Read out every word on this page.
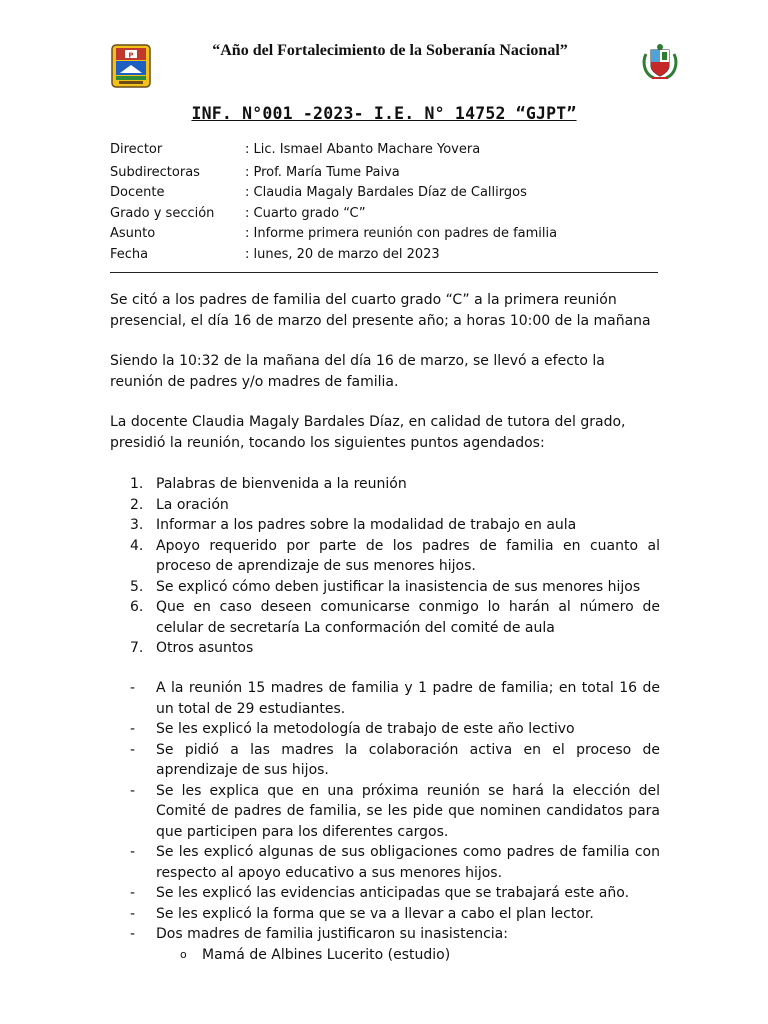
P	“Año del Fortalecimiento de la Soberanía Nacional”
INF. N°001 -2023- I.E. N° 14752 “GJPT”
Director	: Lic. Ismael Abanto Machare Yovera
Subdirectoras	: Prof. María Tume Paiva
Docente	: Claudia Magaly Bardales Díaz de Callirgos
Grado y sección : Cuarto grado “C”
Asunto	: Informe primera reunión con padres de familia
Fecha	: lunes, 20 de marzo del 2023
Se citó a los padres de familia del cuarto grado “C” a la primera reunión presencial, el día 16 de marzo del presente año; a horas 10:00 de la mañana
Siendo la 10:32 de la mañana del día 16 de marzo, se llevó a efecto la reunión de padres y/o madres de familia.
La docente Claudia Magaly Bardales Díaz, en calidad de tutora del grado, presidió la reunión, tocando los siguientes puntos agendados:
1. Palabras de bienvenida a la reunión
2. La oración
3. Informar a los padres sobre la modalidad de trabajo en aula
4. Apoyo requerido por parte de los padres de familia en cuanto al proceso de aprendizaje de sus menores hijos.
5. Se explicó cómo deben justificar la inasistencia de sus menores hijos
6. Que en caso deseen comunicarse conmigo lo harán al número de celular de secretaría La conformación del comité de aula
7. Otros asuntos
- A la reunión 15 madres de familia y 1 padre de familia; en total 16 de un total de 29 estudiantes.
- Se les explicó la metodología de trabajo de este año lectivo
- Se pidió a las madres la colaboración activa en el proceso de aprendizaje de sus hijos.
- Se les explica que en una próxima reunión se hará la elección del Comité de padres de familia, se les pide que nominen candidatos para que participen para los diferentes cargos.
- Se les explicó algunas de sus obligaciones como padres de familia con respecto al apoyo educativo a sus menores hijos.
- Se les explicó las evidencias anticipadas que se trabajará este año.
- Se les explicó la forma que se va a llevar a cabo el plan lector.
- Dos madres de familia justificaron su inasistencia:
o Mamá de Albines Lucerito (estudio)
